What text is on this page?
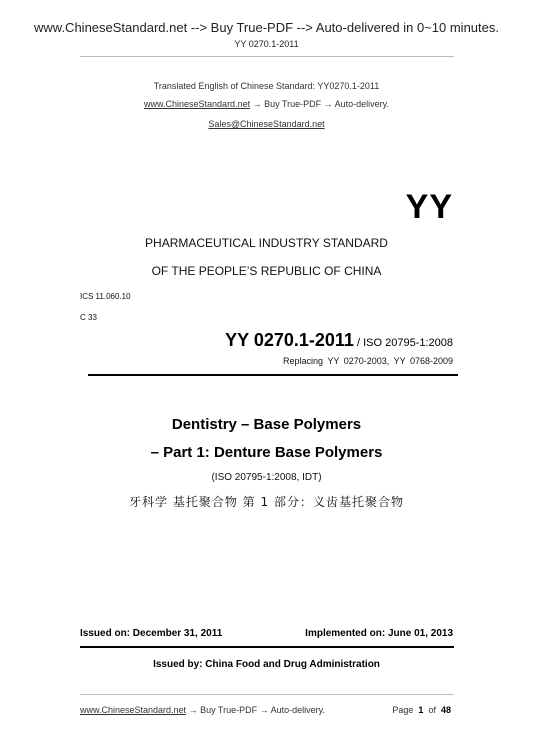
www.ChineseStandard.net --> Buy True-PDF --> Auto-delivered in 0~10 minutes.
YY 0270.1-2011
Translated English of Chinese Standard: YY0270.1-2011
www.ChineseStandard.net → Buy True-PDF → Auto-delivery.
Sales@ChineseStandard.net
YY
PHARMACEUTICAL INDUSTRY STANDARD
OF THE PEOPLE’S REPUBLIC OF CHINA
ICS 11.060.10
C 33
YY 0270.1-2011 / ISO 20795-1:2008
Replacing YY 0270-2003, YY 0768-2009
Dentistry – Base Polymers
– Part 1: Denture Base Polymers
(ISO 20795-1:2008, IDT)
牙科学 基托聚合物 第 1 部分：义齿基托聚合物
Issued on: December 31, 2011	Implemented on: June 01, 2013
Issued by: China Food and Drug Administration
www.ChineseStandard.net → Buy True-PDF → Auto-delivery.	Page 1 of 48
